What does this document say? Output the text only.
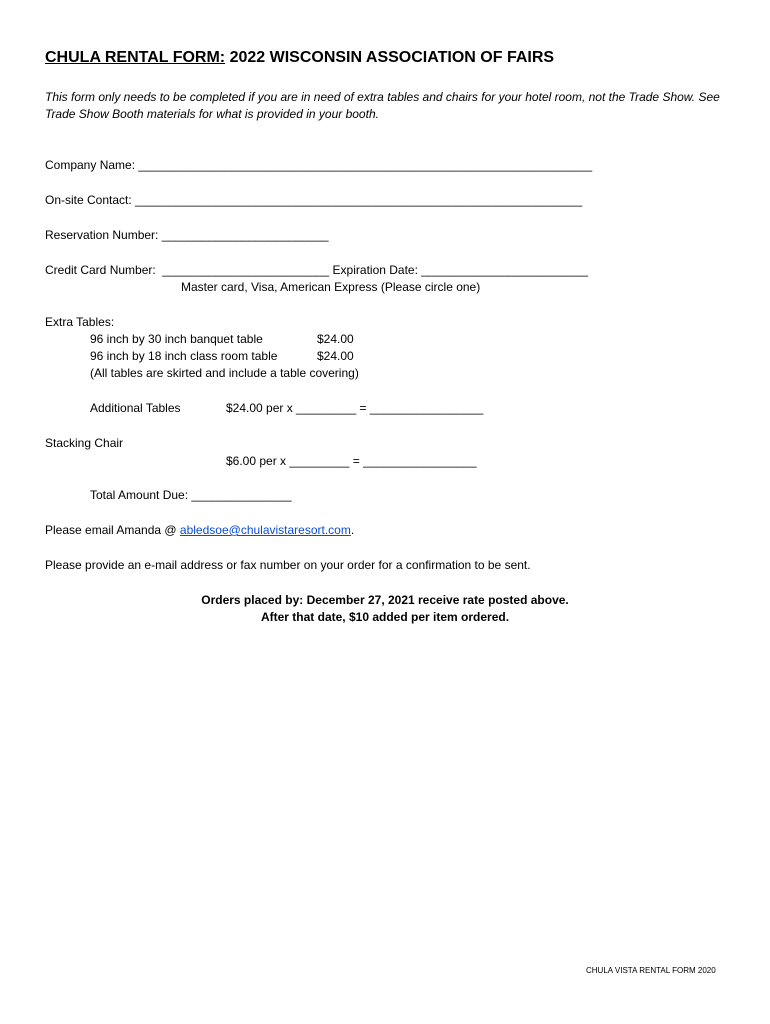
CHULA RENTAL FORM: 2022 WISCONSIN ASSOCIATION OF FAIRS
This form only needs to be completed if you are in need of extra tables and chairs for your hotel room, not the Trade Show. See Trade Show Booth materials for what is provided in your booth.
Company Name: ____________________________________________________________________
On-site Contact: ___________________________________________________________________
Reservation Number: _________________________
Credit Card Number:  _________________________ Expiration Date: _________________________
Master card, Visa, American Express (Please circle one)
Extra Tables:
96 inch by 30 inch banquet table	$24.00
96 inch by 18 inch class room table	$24.00
(All tables are skirted and include a table covering)
Additional Tables	$24.00 per x _________ = _________________
Stacking Chair
$6.00 per x _________ = _________________
Total Amount Due: _______________
Please email Amanda @ abledsoe@chulavistaresort.com.
Please provide an e-mail address or fax number on your order for a confirmation to be sent.
Orders placed by: December 27, 2021 receive rate posted above.
After that date, $10 added per item ordered.
CHULA VISTA RENTAL FORM 2020
